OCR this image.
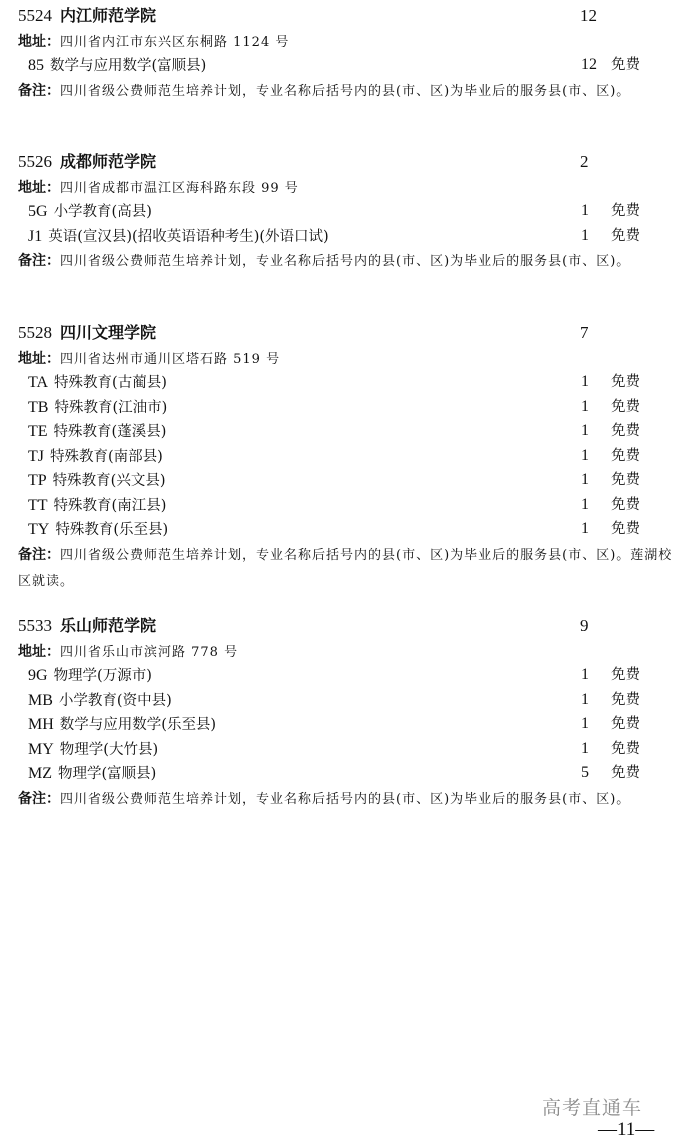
5524 内江师范学院	12
地址：四川省内江市东兴区东桐路 1124 号
85 数学与应用数学(富顺县)	12 免费
备注：四川省级公费师范生培养计划，专业名称后括号内的县(市、区)为毕业后的服务县(市、区)。
5526 成都师范学院	2
地址：四川省成都市温江区海科路东段 99 号
5G 小学教育(高县)	1 免费
J1 英语(宣汉县)(招收英语语种考生)(外语口试)	1 免费
备注：四川省级公费师范生培养计划，专业名称后括号内的县(市、区)为毕业后的服务县(市、区)。
5528 四川文理学院	7
地址：四川省达州市通川区塔石路 519 号
TA 特殊教育(古蔺县)	1 免费
TB 特殊教育(江油市)	1 免费
TE 特殊教育(蓬溪县)	1 免费
TJ 特殊教育(南部县)	1 免费
TP 特殊教育(兴文县)	1 免费
TT 特殊教育(南江县)	1 免费
TY 特殊教育(乐至县)	1 免费
备注：四川省级公费师范生培养计划，专业名称后括号内的县(市、区)为毕业后的服务县(市、区)。莲湖校区就读。
5533 乐山师范学院	9
地址：四川省乐山市滨河路 778 号
9G 物理学(万源市)	1 免费
MB 小学教育(资中县)	1 免费
MH 数学与应用数学(乐至县)	1 免费
MY 物理学(大竹县)	1 免费
MZ 物理学(富顺县)	5 免费
备注：四川省级公费师范生培养计划，专业名称后括号内的县(市、区)为毕业后的服务县(市、区)。
高考直通车
—11—
